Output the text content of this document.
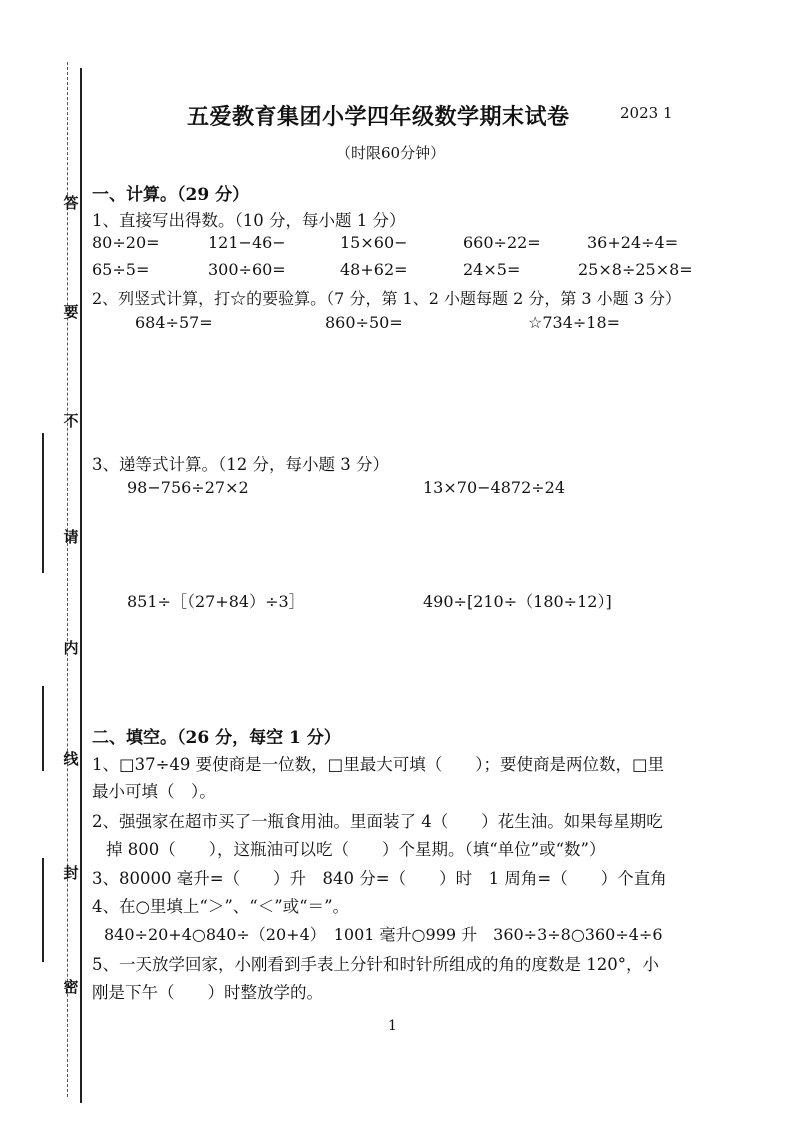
答
要
不
请
内
线
封
密
五爱教育集团小学四年级数学期末试卷	2023 1
（时限60分钟）
一、计算。（29 分）
1、直接写出得数。（10 分，每小题 1 分）
80÷20=	121−46−	15×60−	660÷22=	36+24÷4=
65÷5=	300÷60=	48+62=	24×5=	25×8÷25×8=
2、列竖式计算，打☆的要验算。（7 分，第 1、2 小题每题 2 分，第 3 小题 3 分）
684÷57=	860÷50=	☆734÷18=
3、递等式计算。（12 分，每小题 3 分）
98−756÷27×2	13×70−4872÷24
851÷［（27+84）÷3］	490÷[210÷（180÷12）]
二、填空。（26 分，每空 1 分）
1、□37÷49 要使商是一位数，□里最大可填（　　）；要使商是两位数，□里
最小可填（　）。
2、强强家在超市买了一瓶食用油。里面装了 4（　　）花生油。如果每星期吃
掉 800（　　），这瓶油可以吃（　　）个星期。（填“单位”或“数”）
3、80000 毫升=（　　）升　840 分=（　　）时　1 周角=（　　）个直角
4、在○里填上“＞”、“＜”或“＝”。
840÷20+4○840÷（20+4）　1001 毫升○999 升　360÷3÷8○360÷4÷6
5、一天放学回家，小刚看到手表上分针和时针所组成的角的度数是 120°，小
刚是下午（　　）时整放学的。
1
